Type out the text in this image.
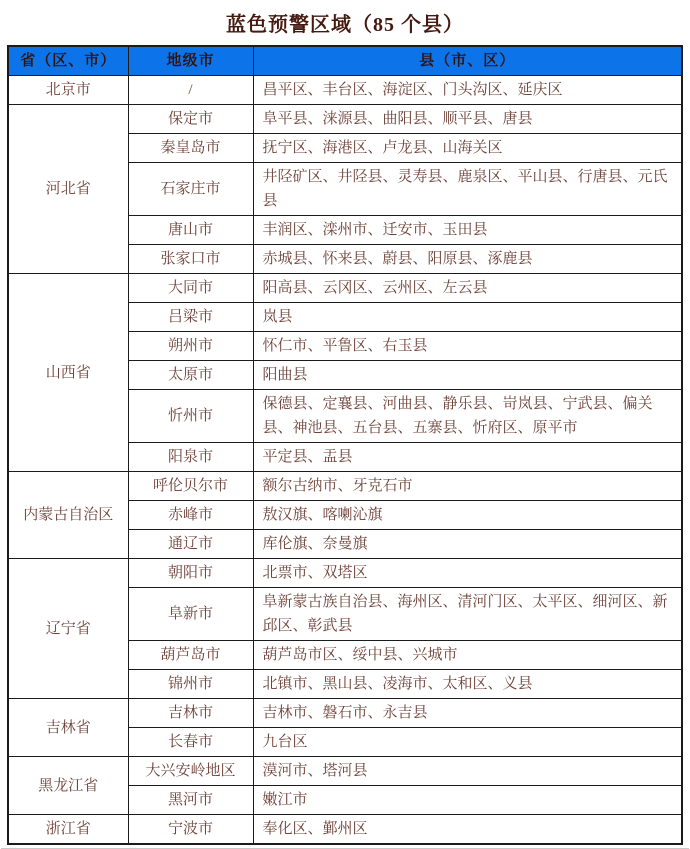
蓝色预警区域（85 个县）
省（区、市）	地级市	县（市、区）
北京市	/	昌平区、丰台区、海淀区、门头沟区、延庆区
河北省	保定市	阜平县、涞源县、曲阳县、顺平县、唐县
	秦皇岛市	抚宁区、海港区、卢龙县、山海关区
	石家庄市	井陉矿区、井陉县、灵寿县、鹿泉区、平山县、行唐县、元氏县
	唐山市	丰润区、滦州市、迁安市、玉田县
	张家口市	赤城县、怀来县、蔚县、阳原县、涿鹿县
山西省	大同市	阳高县、云冈区、云州区、左云县
	吕梁市	岚县
	朔州市	怀仁市、平鲁区、右玉县
	太原市	阳曲县
	忻州市	保德县、定襄县、河曲县、静乐县、岢岚县、宁武县、偏关县、神池县、五台县、五寨县、忻府区、原平市
	阳泉市	平定县、盂县
内蒙古自治区	呼伦贝尔市	额尔古纳市、牙克石市
	赤峰市	敖汉旗、喀喇沁旗
	通辽市	库伦旗、奈曼旗
辽宁省	朝阳市	北票市、双塔区
	阜新市	阜新蒙古族自治县、海州区、清河门区、太平区、细河区、新邱区、彰武县
	葫芦岛市	葫芦岛市区、绥中县、兴城市
	锦州市	北镇市、黑山县、凌海市、太和区、义县
吉林省	吉林市	吉林市、磐石市、永吉县
	长春市	九台区
黑龙江省	大兴安岭地区	漠河市、塔河县
	黑河市	嫩江市
浙江省	宁波市	奉化区、鄞州区
